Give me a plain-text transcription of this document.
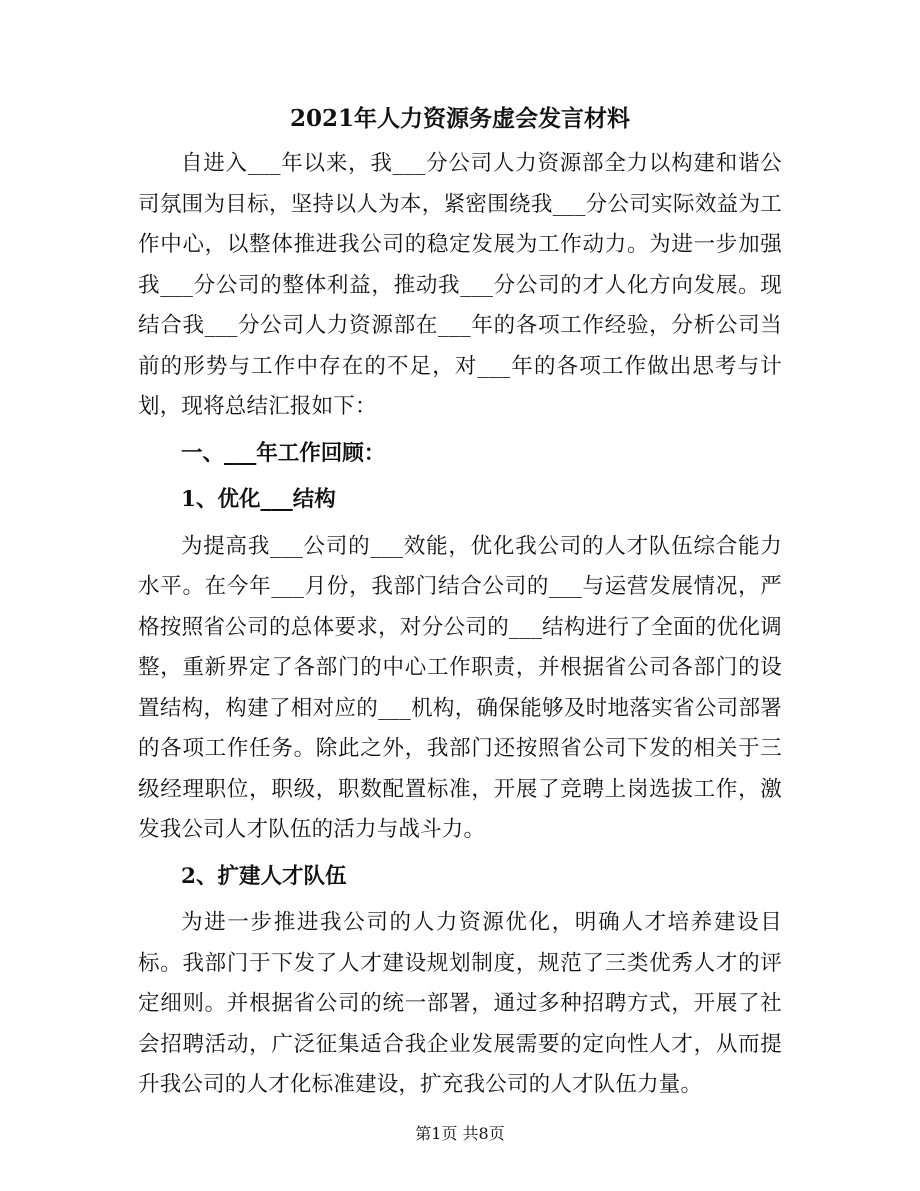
2021年人力资源务虚会发言材料

自进入___年以来，我___分公司人力资源部全力以构建和谐公司氛围为目标，坚持以人为本，紧密围绕我___分公司实际效益为工作中心，以整体推进我公司的稳定发展为工作动力。为进一步加强我___分公司的整体利益，推动我___分公司的才人化方向发展。现结合我___分公司人力资源部在___年的各项工作经验，分析公司当前的形势与工作中存在的不足，对___年的各项工作做出思考与计划，现将总结汇报如下：

一、___年工作回顾：
1、优化___结构

为提高我___公司的___效能，优化我公司的人才队伍综合能力水平。在今年___月份，我部门结合公司的___与运营发展情况，严格按照省公司的总体要求，对分公司的___结构进行了全面的优化调整，重新界定了各部门的中心工作职责，并根据省公司各部门的设置结构，构建了相对应的___机构，确保能够及时地落实省公司部署的各项工作任务。除此之外，我部门还按照省公司下发的相关于三级经理职位，职级，职数配置标准，开展了竞聘上岗选拔工作，激发我公司人才队伍的活力与战斗力。

2、扩建人才队伍

为进一步推进我公司的人力资源优化，明确人才培养建设目标。我部门于下发了人才建设规划制度，规范了三类优秀人才的评定细则。并根据省公司的统一部署，通过多种招聘方式，开展了社会招聘活动，广泛征集适合我企业发展需要的定向性人才，从而提升我公司的人才化标准建设，扩充我公司的人才队伍力量。

第1页 共8页
